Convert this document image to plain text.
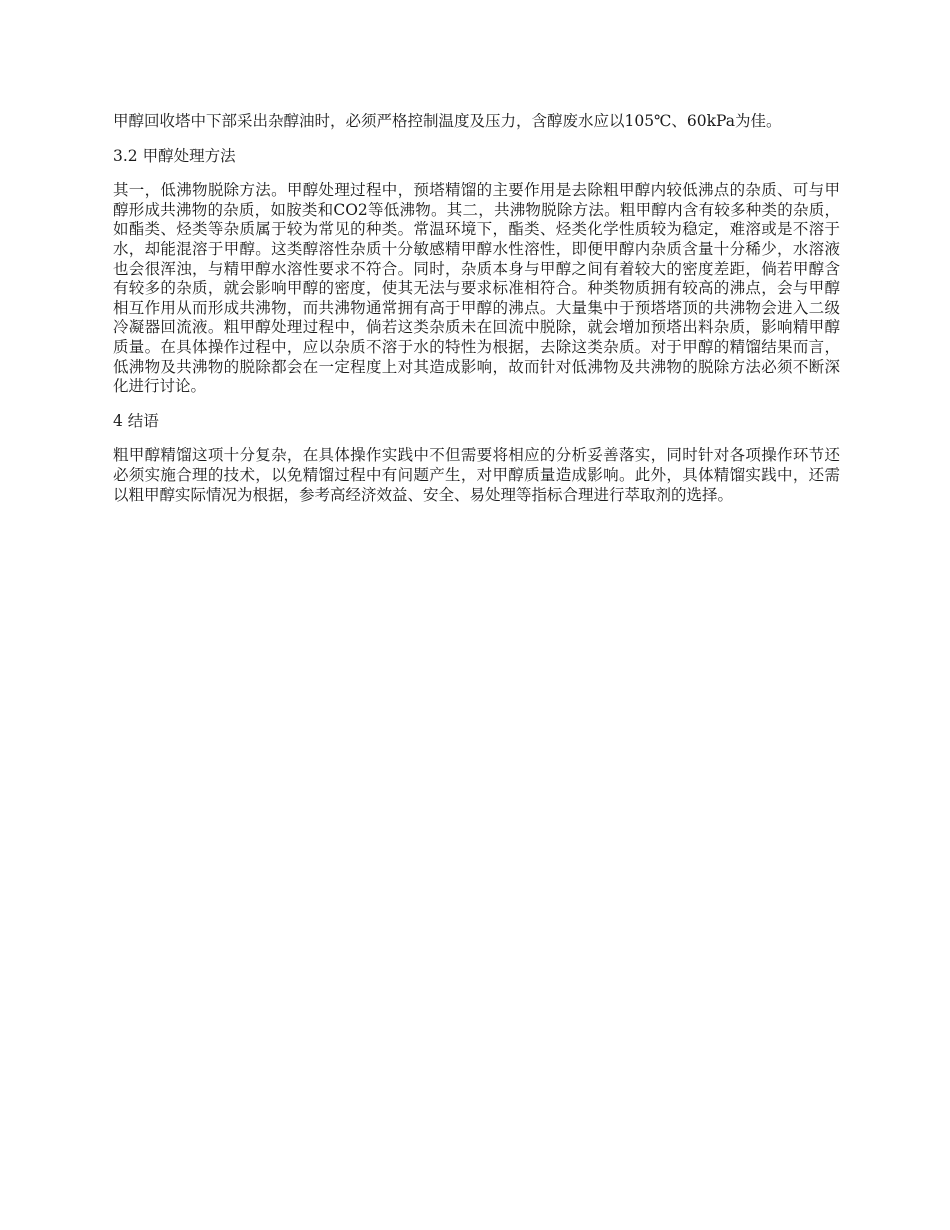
甲醇回收塔中下部采出杂醇油时，必须严格控制温度及压力，含醇废水应以105℃、60kPa为佳。

3.2 甲醇处理方法

其一，低沸物脱除方法。甲醇处理过程中，预塔精馏的主要作用是去除粗甲醇内较低沸点的杂质、可与甲醇形成共沸物的杂质，如胺类和CO2等低沸物。其二，共沸物脱除方法。粗甲醇内含有较多种类的杂质，如酯类、烃类等杂质属于较为常见的种类。常温环境下，酯类、烃类化学性质较为稳定，难溶或是不溶于水，却能混溶于甲醇。这类醇溶性杂质十分敏感精甲醇水性溶性，即便甲醇内杂质含量十分稀少，水溶液也会很浑浊，与精甲醇水溶性要求不符合。同时，杂质本身与甲醇之间有着较大的密度差距，倘若甲醇含有较多的杂质，就会影响甲醇的密度，使其无法与要求标准相符合。种类物质拥有较高的沸点，会与甲醇相互作用从而形成共沸物，而共沸物通常拥有高于甲醇的沸点。大量集中于预塔塔顶的共沸物会进入二级冷凝器回流液。粗甲醇处理过程中，倘若这类杂质未在回流中脱除，就会增加预塔出料杂质，影响精甲醇质量。在具体操作过程中，应以杂质不溶于水的特性为根据，去除这类杂质。对于甲醇的精馏结果而言，低沸物及共沸物的脱除都会在一定程度上对其造成影响，故而针对低沸物及共沸物的脱除方法必须不断深化进行讨论。

4 结语

粗甲醇精馏这项十分复杂，在具体操作实践中不但需要将相应的分析妥善落实，同时针对各项操作环节还必须实施合理的技术，以免精馏过程中有问题产生，对甲醇质量造成影响。此外，具体精馏实践中，还需以粗甲醇实际情况为根据，参考高经济效益、安全、易处理等指标合理进行萃取剂的选择。
